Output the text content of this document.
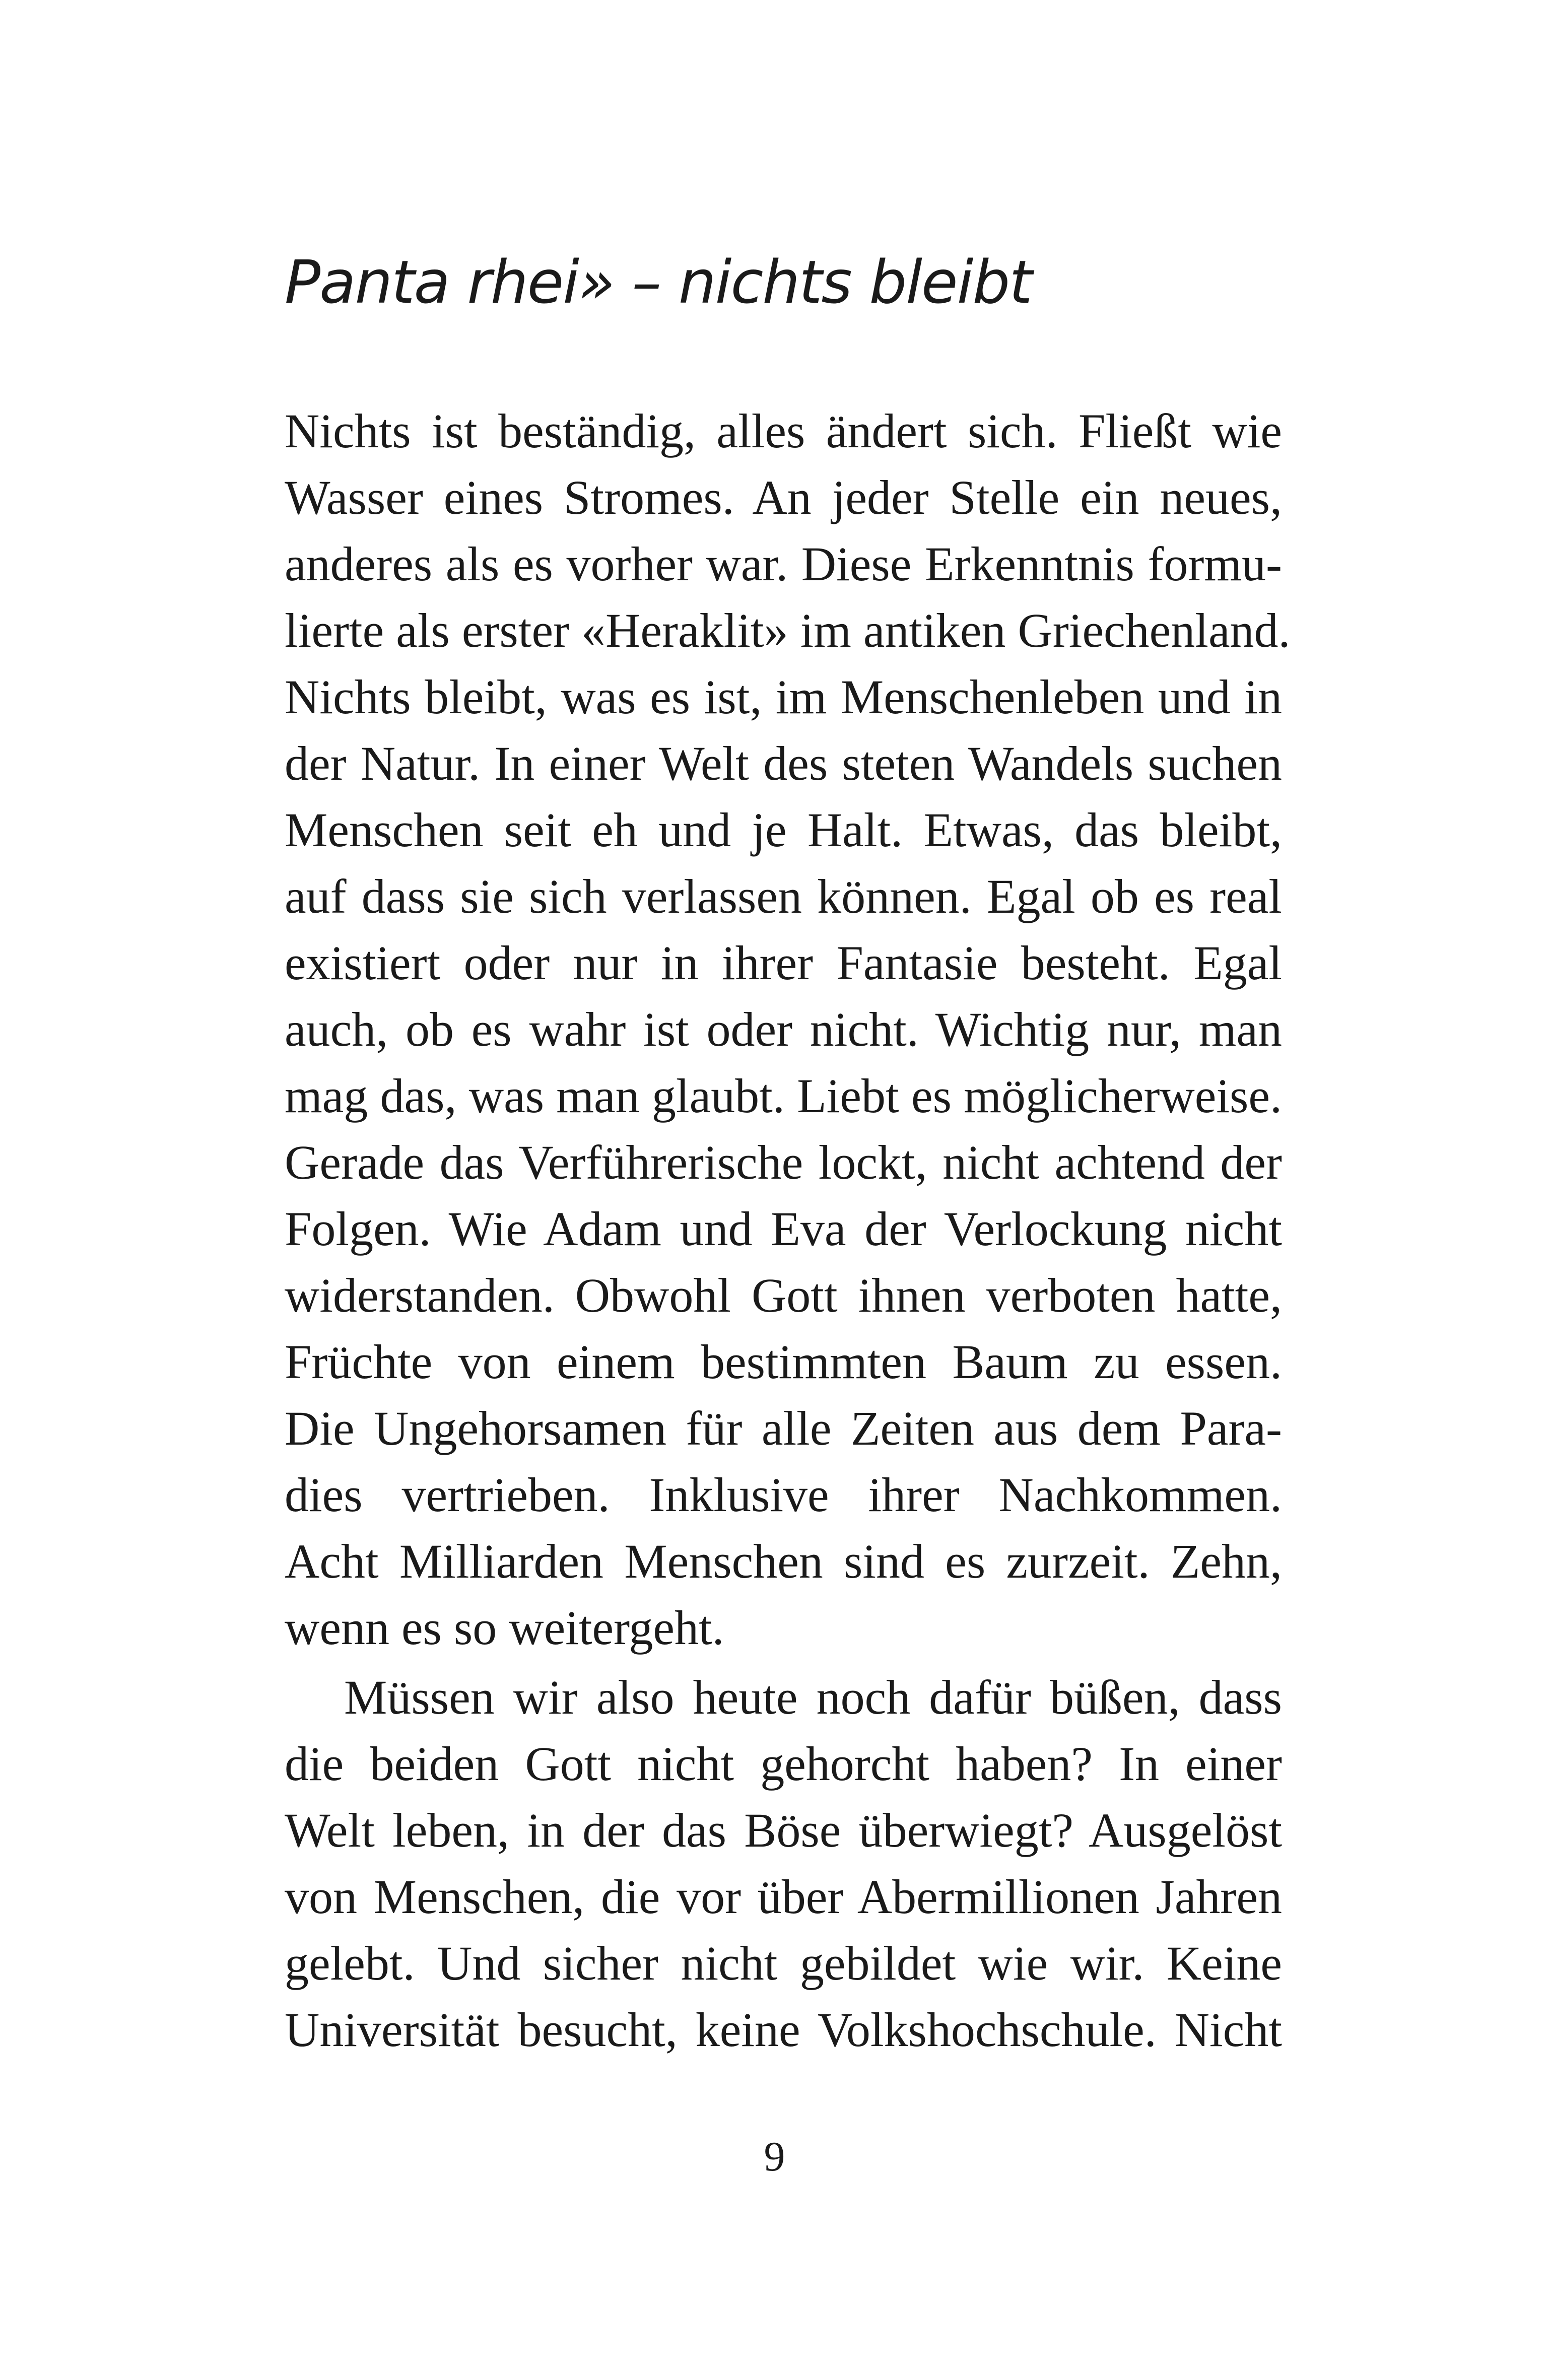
Panta rhei» – nichts bleibt
Nichts ist beständig, alles ändert sich. Fließt wie
Wasser eines Stromes. An jeder Stelle ein neues,
anderes als es vorher war. Diese Erkenntnis formu-
lierte als erster «Heraklit» im antiken Griechenland.
Nichts bleibt, was es ist, im Menschenleben und in
der Natur. In einer Welt des steten Wandels suchen
Menschen seit eh und je Halt. Etwas, das bleibt,
auf dass sie sich verlassen können. Egal ob es real
existiert oder nur in ihrer Fantasie besteht. Egal
auch, ob es wahr ist oder nicht. Wichtig nur, man
mag das, was man glaubt. Liebt es möglicherweise.
Gerade das Verführerische lockt, nicht achtend der
Folgen. Wie Adam und Eva der Verlockung nicht
widerstanden. Obwohl Gott ihnen verboten hatte,
Früchte von einem bestimmten Baum zu essen.
Die Ungehorsamen für alle Zeiten aus dem Para-
dies vertrieben. Inklusive ihrer Nachkommen.
Acht Milliarden Menschen sind es zurzeit. Zehn,
wenn es so weitergeht.
Müssen wir also heute noch dafür büßen, dass
die beiden Gott nicht gehorcht haben? In einer
Welt leben, in der das Böse überwiegt? Ausgelöst
von Menschen, die vor über Abermillionen Jahren
gelebt. Und sicher nicht gebildet wie wir. Keine
Universität besucht, keine Volkshochschule. Nicht
9
